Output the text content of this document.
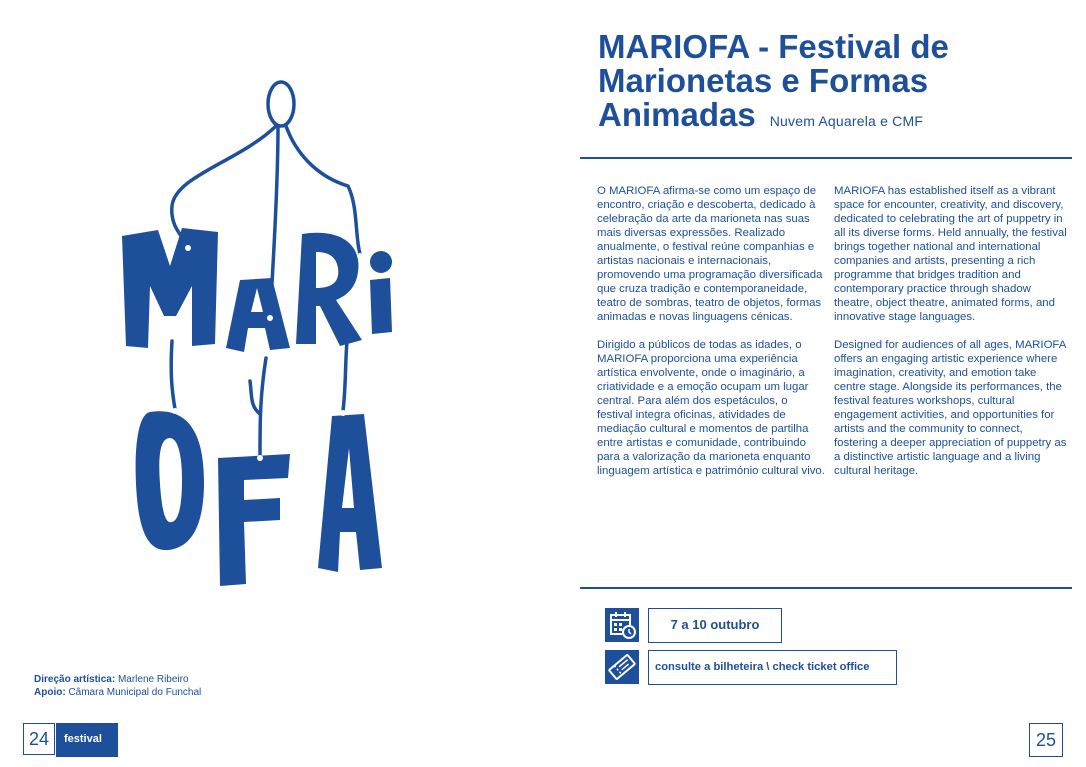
Direção artística: Marlene Ribeiro
Apoio: Câmara Municipal do Funchal
24	festival
MARIOFA - Festival de Marionetas e Formas Animadas Nuvem Aquarela e CMF

O MARIOFA afirma-se como um espaço de encontro, criação e descoberta, dedicado à celebração da arte da marioneta nas suas mais diversas expressões. Realizado anualmente, o festival reúne companhias e artistas nacionais e internacionais, promovendo uma programação diversificada que cruza tradição e contemporaneidade, teatro de sombras, teatro de objetos, formas animadas e novas linguagens cénicas.

Dirigido a públicos de todas as idades, o MARIOFA proporciona uma experiência artística envolvente, onde o imaginário, a criatividade e a emoção ocupam um lugar central. Para além dos espetáculos, o festival integra oficinas, atividades de mediação cultural e momentos de partilha entre artistas e comunidade, contribuindo para a valorização da marioneta enquanto linguagem artística e património cultural vivo.

MARIOFA has established itself as a vibrant space for encounter, creativity, and discovery, dedicated to celebrating the art of puppetry in all its diverse forms. Held annually, the festival brings together national and international companies and artists, presenting a rich programme that bridges tradition and contemporary practice through shadow theatre, object theatre, animated forms, and innovative stage languages.

Designed for audiences of all ages, MARIOFA offers an engaging artistic experience where imagination, creativity, and emotion take centre stage. Alongside its performances, the festival features workshops, cultural engagement activities, and opportunities for artists and the community to connect, fostering a deeper appreciation of puppetry as a distinctive artistic language and a living cultural heritage.

7 a 10 outubro
consulte a bilheteira \ check ticket office
25
